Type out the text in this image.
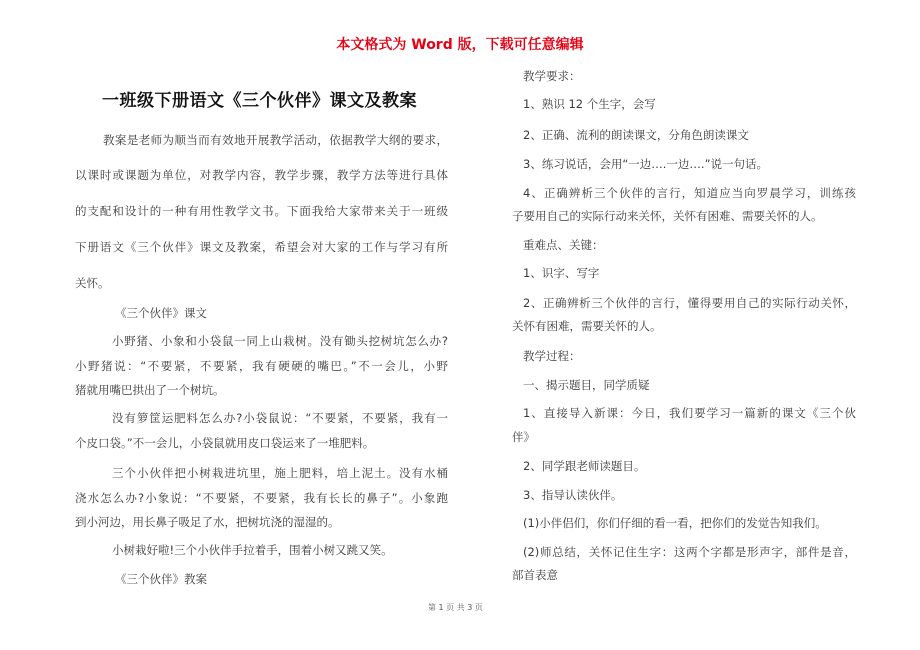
本文格式为 Word 版，下载可任意编辑
一班级下册语文《三个伙伴》课文及教案
教案是老师为顺当而有效地开展教学活动，依据教学大纲的要求，
以课时或课题为单位，对教学内容，教学步骤，教学方法等进行具体
的支配和设计的一种有用性教学文书。下面我给大家带来关于一班级
下册语文《三个伙伴》课文及教案，希望会对大家的工作与学习有所
关怀。
《三个伙伴》课文
小野猪、小象和小袋鼠一同上山栽树。没有锄头挖树坑怎么办?
小野猪说：“不要紧，不要紧，我有硬硬的嘴巴。”不一会儿，小野
猪就用嘴巴拱出了一个树坑。
没有箩筐运肥料怎么办?小袋鼠说：“不要紧，不要紧，我有一
个皮口袋。”不一会儿，小袋鼠就用皮口袋运来了一堆肥料。
三个小伙伴把小树栽进坑里，施上肥料，培上泥土。没有水桶
浇水怎么办?小象说：“不要紧，不要紧，我有长长的鼻子”。小象跑
到小河边，用长鼻子吸足了水，把树坑浇的湿湿的。
小树栽好啦!三个小伙伴手拉着手，围着小树又跳又笑。
《三个伙伴》教案
教学要求：
1、熟识 12 个生字，会写
2、正确、流利的朗读课文，分角色朗读课文
3、练习说话，会用“一边….一边….”说一句话。
4、正确辨析三个伙伴的言行，知道应当向罗晨学习，训练孩
子要用自己的实际行动来关怀，关怀有困难、需要关怀的人。
重难点、关键：
1、识字、写字
2、正确辨析三个伙伴的言行，懂得要用自己的实际行动关怀，
关怀有困难，需要关怀的人。
教学过程：
一、揭示题目，同学质疑
1、直接导入新课：今日，我们要学习一篇新的课文《三个伙
伴》
2、同学跟老师读题目。
3、指导认读伙伴。
(1)小伴侣们，你们仔细的看一看，把你们的发觉告知我们。
(2)师总结，关怀记住生字：这两个字都是形声字，部件是音，
部首表意
第 1 页 共 3 页
